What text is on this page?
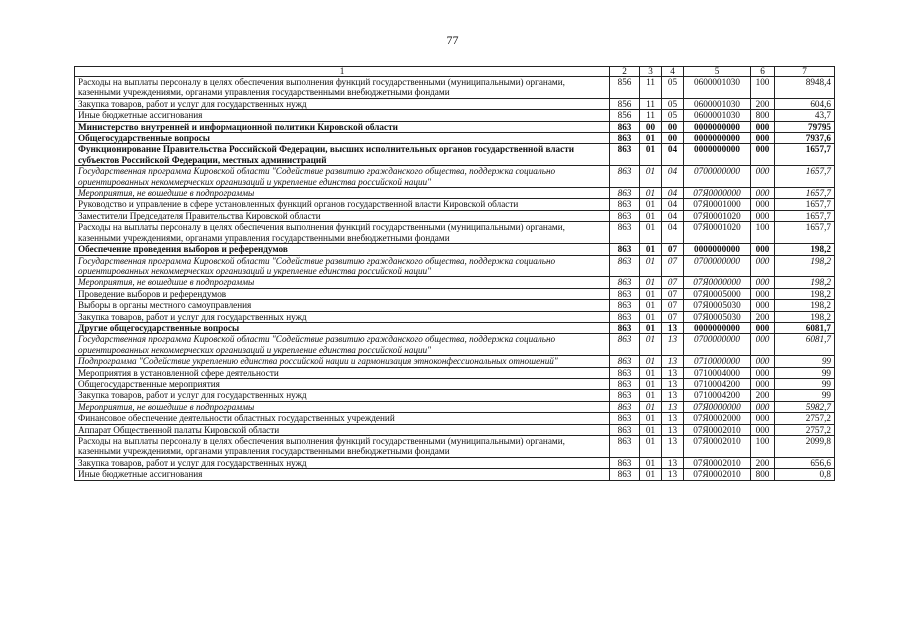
77
1	2	3	4	5	6	7
Расходы на выплаты персоналу в целях обеспечения выполнения функций государственными (муниципальными) органами, казенными учреждениями, органами управления государственными внебюджетными фондами	856	11	05	0600001030	100	8948,4
Закупка товаров, работ и услуг для государственных нужд	856	11	05	0600001030	200	604,6
Иные бюджетные ассигнования	856	11	05	0600001030	800	43,7
Министерство внутренней и информационной политики Кировской области	863	00	00	0000000000	000	79795
Общегосударственные вопросы	863	01	00	0000000000	000	7937,6
Функционирование Правительства Российской Федерации, высших исполнительных органов государственной власти субъектов Российской Федерации, местных администраций	863	01	04	0000000000	000	1657,7
Государственная программа Кировской области "Содействие развитию гражданского общества, поддержка социально ориентированных некоммерческих организаций и укрепление единства российской нации"	863	01	04	0700000000	000	1657,7
Мероприятия, не вошедшие в подпрограммы	863	01	04	07Я0000000	000	1657,7
Руководство и управление в сфере установленных функций органов государственной власти Кировской области	863	01	04	07Я0001000	000	1657,7
Заместители Председателя Правительства Кировской области	863	01	04	07Я0001020	000	1657,7
Расходы на выплаты персоналу в целях обеспечения выполнения функций государственными (муниципальными) органами, казенными учреждениями, органами управления государственными внебюджетными фондами	863	01	04	07Я0001020	100	1657,7
Обеспечение проведения выборов и референдумов	863	01	07	0000000000	000	198,2
Государственная программа Кировской области "Содействие развитию гражданского общества, поддержка социально ориентированных некоммерческих организаций и укрепление единства российской нации"	863	01	07	0700000000	000	198,2
Мероприятия, не вошедшие в подпрограммы	863	01	07	07Я0000000	000	198,2
Проведение выборов и референдумов	863	01	07	07Я0005000	000	198,2
Выборы в органы местного самоуправления	863	01	07	07Я0005030	000	198,2
Закупка товаров, работ и услуг для государственных нужд	863	01	07	07Я0005030	200	198,2
Другие общегосударственные вопросы	863	01	13	0000000000	000	6081,7
Государственная программа Кировской области "Содействие развитию гражданского общества, поддержка социально ориентированных некоммерческих организаций и укрепление единства российской нации"	863	01	13	0700000000	000	6081,7
Подпрограмма "Содействие укреплению единства российской нации и гармонизация этноконфессиональных отношений"	863	01	13	0710000000	000	99
Мероприятия в установленной сфере деятельности	863	01	13	0710004000	000	99
Общегосударственные мероприятия	863	01	13	0710004200	000	99
Закупка товаров, работ и услуг для государственных нужд	863	01	13	0710004200	200	99
Мероприятия, не вошедшие в подпрограммы	863	01	13	07Я0000000	000	5982,7
Финансовое обеспечение деятельности областных государственных учреждений	863	01	13	07Я0002000	000	2757,2
Аппарат Общественной палаты Кировской области	863	01	13	07Я0002010	000	2757,2
Расходы на выплаты персоналу в целях обеспечения выполнения функций государственными (муниципальными) органами, казенными учреждениями, органами управления государственными внебюджетными фондами	863	01	13	07Я0002010	100	2099,8
Закупка товаров, работ и услуг для государственных нужд	863	01	13	07Я0002010	200	656,6
Иные бюджетные ассигнования	863	01	13	07Я0002010	800	0,8
